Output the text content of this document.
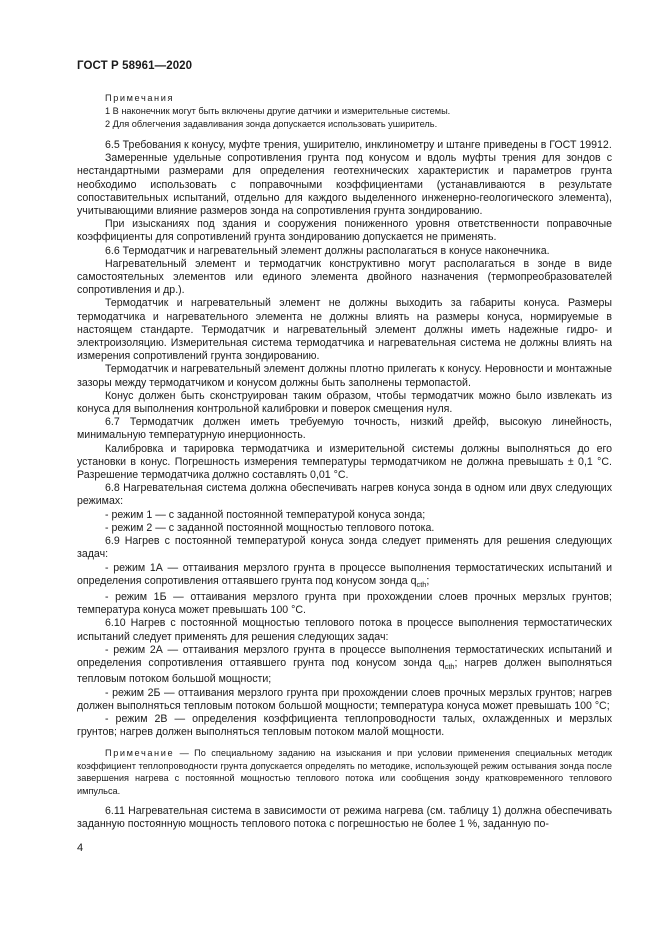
ГОСТ Р 58961—2020
Примечания
1 В наконечник могут быть включены другие датчики и измерительные системы.
2 Для облегчения задавливания зонда допускается использовать уширитель.

6.5 Требования к конусу, муфте трения, уширителю, инклинометру и штанге приведены в ГОСТ 19912.

Замеренные удельные сопротивления грунта под конусом и вдоль муфты трения для зондов с нестандартными размерами для определения геотехнических характеристик и параметров грунта необходимо использовать с поправочными коэффициентами (устанавливаются в результате сопоставительных испытаний, отдельно для каждого выделенного инженерно-геологического элемента), учитывающими влияние размеров зонда на сопротивления грунта зондированию.

При изысканиях под здания и сооружения пониженного уровня ответственности поправочные коэффициенты для сопротивлений грунта зондированию допускается не применять.

6.6 Термодатчик и нагревательный элемент должны располагаться в конусе наконечника.

Нагревательный элемент и термодатчик конструктивно могут располагаться в зонде в виде самостоятельных элементов или единого элемента двойного назначения (термопреобразователей сопротивления и др.).

Термодатчик и нагревательный элемент не должны выходить за габариты конуса. Размеры термодатчика и нагревательного элемента не должны влиять на размеры конуса, нормируемые в настоящем стандарте. Термодатчик и нагревательный элемент должны иметь надежные гидро- и электроизоляцию. Измерительная система термодатчика и нагревательная система не должны влиять на измерения сопротивлений грунта зондированию.

Термодатчик и нагревательный элемент должны плотно прилегать к конусу. Неровности и монтажные зазоры между термодатчиком и конусом должны быть заполнены термопастой.

Конус должен быть сконструирован таким образом, чтобы термодатчик можно было извлекать из конуса для выполнения контрольной калибровки и поверок смещения нуля.

6.7 Термодатчик должен иметь требуемую точность, низкий дрейф, высокую линейность, минимальную температурную инерционность.

Калибровка и тарировка термодатчика и измерительной системы должны выполняться до его установки в конус. Погрешность измерения температуры термодатчиком не должна превышать ± 0,1 °С. Разрешение термодатчика должно составлять 0,01 °С.

6.8 Нагревательная система должна обеспечивать нагрев конуса зонда в одном или двух следующих режимах:

- режим 1 — с заданной постоянной температурой конуса зонда;

- режим 2 — с заданной постоянной мощностью теплового потока.

6.9 Нагрев с постоянной температурой конуса зонда следует применять для решения следующих задач:

- режим 1А — оттаивания мерзлого грунта в процессе выполнения термостатических испытаний и определения сопротивления оттаявшего грунта под конусом зонда $q_{cth}$;

- режим 1Б — оттаивания мерзлого грунта при прохождении слоев прочных мерзлых грунтов; температура конуса может превышать 100 °С.

6.10 Нагрев с постоянной мощностью теплового потока в процессе выполнения термостатических испытаний следует применять для решения следующих задач:

- режим 2А — оттаивания мерзлого грунта в процессе выполнения термостатических испытаний и определения сопротивления оттаявшего грунта под конусом зонда $q_{cth}$; нагрев должен выполняться тепловым потоком большой мощности;

- режим 2Б — оттаивания мерзлого грунта при прохождении слоев прочных мерзлых грунтов; нагрев должен выполняться тепловым потоком большой мощности; температура конуса может превышать 100 °С;

- режим 2В — определения коэффициента теплопроводности талых, охлажденных и мерзлых грунтов; нагрев должен выполняться тепловым потоком малой мощности.

Примечание — По специальному заданию на изыскания и при условии применения специальных методик коэффициент теплопроводности грунта допускается определять по методике, использующей режим остывания зонда после завершения нагрева с постоянной мощностью теплового потока или сообщения зонду кратковременного теплового импульса.

6.11 Нагревательная система в зависимости от режима нагрева (см. таблицу 1) должна обеспечивать заданную постоянную мощность теплового потока с погрешностью не более 1 %, заданную по-

4
